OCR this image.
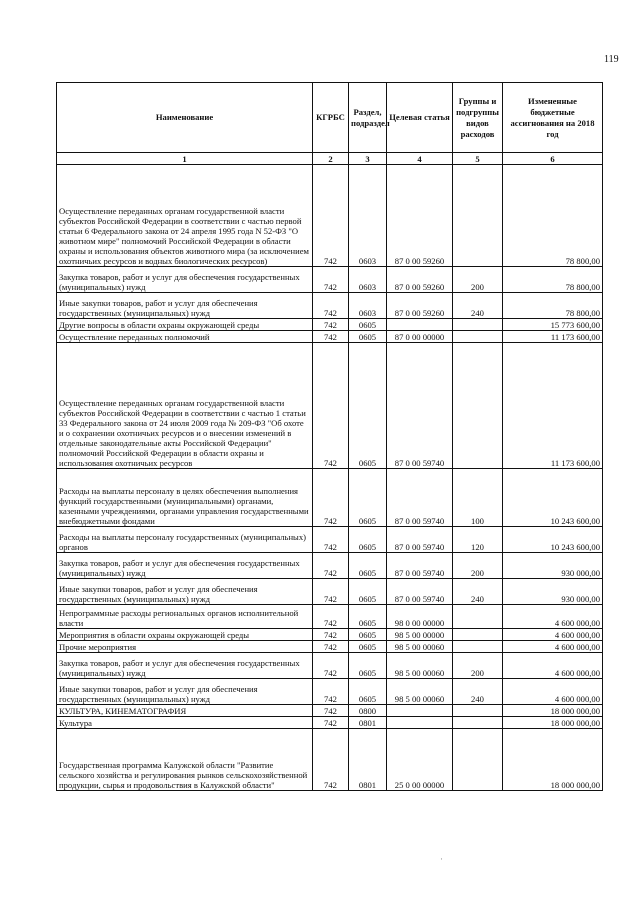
119
Наименование	КГРБС	Раздел, подраздел	Целевая статья	Группы и подгруппы видов расходов	Измененные бюджетные ассигнования на 2018 год
1	2	3	4	5	6
Осуществление переданных органам государственной власти субъектов Российской Федерации в соответствии с частью первой статьи 6 Федерального закона от 24 апреля 1995 года N 52-ФЗ "О животном мире" полномочий Российской Федерации в области охраны и использования объектов животного мира (за исключением охотничьих ресурсов и водных биологических ресурсов)	742	0603	87 0 00 59260		78 800,00
Закупка товаров, работ и услуг для обеспечения государственных (муниципальных) нужд	742	0603	87 0 00 59260	200	78 800,00
Иные закупки товаров, работ и услуг для обеспечения государственных (муниципальных) нужд	742	0603	87 0 00 59260	240	78 800,00
Другие вопросы в области охраны окружающей среды	742	0605			15 773 600,00
Осуществление переданных полномочий	742	0605	87 0 00 00000		11 173 600,00
Осуществление переданных органам государственной власти субъектов Российской Федерации в соответствии с частью 1 статьи 33 Федерального закона от 24 июля 2009 года № 209-ФЗ "Об охоте и о сохранении охотничьих ресурсов и о внесении изменений в отдельные законодательные акты Российской Федерации" полномочий Российской Федерации в области охраны и использования охотничьих ресурсов	742	0605	87 0 00 59740		11 173 600,00
Расходы на выплаты персоналу в целях обеспечения выполнения функций государственными (муниципальными) органами, казенными учреждениями, органами управления государственными внебюджетными фондами	742	0605	87 0 00 59740	100	10 243 600,00
Расходы на выплаты персоналу государственных (муниципальных) органов	742	0605	87 0 00 59740	120	10 243 600,00
Закупка товаров, работ и услуг для обеспечения государственных (муниципальных) нужд	742	0605	87 0 00 59740	200	930 000,00
Иные закупки товаров, работ и услуг для обеспечения государственных (муниципальных) нужд	742	0605	87 0 00 59740	240	930 000,00
Непрограммные расходы региональных органов исполнительной власти	742	0605	98 0 00 00000		4 600 000,00
Мероприятия в области охраны окружающей среды	742	0605	98 5 00 00000		4 600 000,00
Прочие мероприятия	742	0605	98 5 00 00060		4 600 000,00
Закупка товаров, работ и услуг для обеспечения государственных (муниципальных) нужд	742	0605	98 5 00 00060	200	4 600 000,00
Иные закупки товаров, работ и услуг для обеспечения государственных (муниципальных) нужд	742	0605	98 5 00 00060	240	4 600 000,00
КУЛЬТУРА, КИНЕМАТОГРАФИЯ	742	0800			18 000 000,00
Культура	742	0801			18 000 000,00
Государственная программа Калужской области "Развитие сельского хозяйства и регулирования рынков сельскохозяйственной продукции, сырья и продовольствия в Калужской области"	742	0801	25 0 00 00000		18 000 000,00
·
